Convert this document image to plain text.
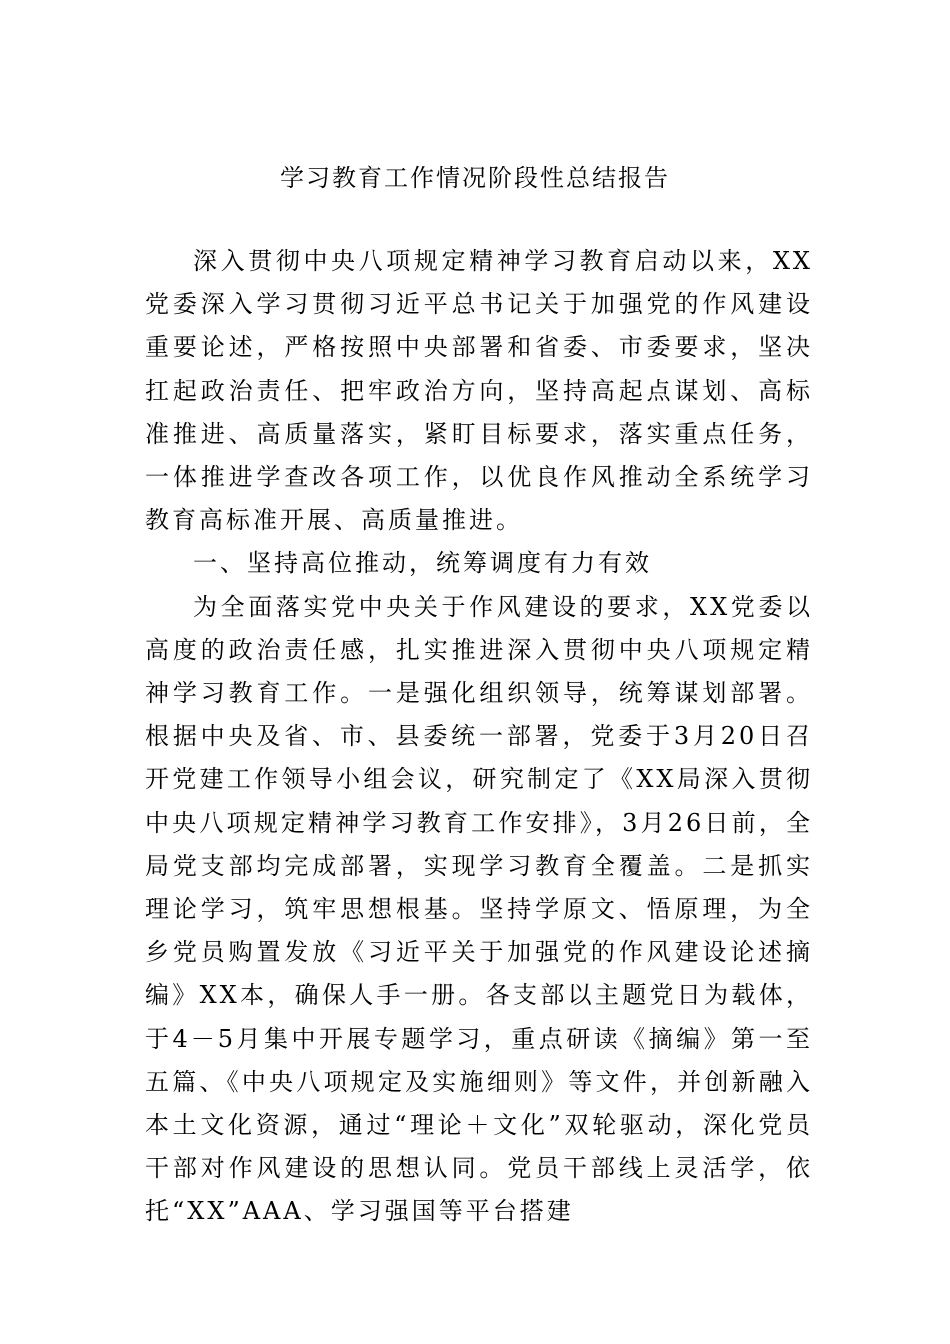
学习教育工作情况阶段性总结报告

深入贯彻中央八项规定精神学习教育启动以来，XX党委深入学习贯彻习近平总书记关于加强党的作风建设重要论述，严格按照中央部署和省委、市委要求，坚决扛起政治责任、把牢政治方向，坚持高起点谋划、高标准推进、高质量落实，紧盯目标要求，落实重点任务，一体推进学查改各项工作，以优良作风推动全系统学习教育高标准开展、高质量推进。

一、坚持高位推动，统筹调度有力有效

为全面落实党中央关于作风建设的要求，XX党委以高度的政治责任感，扎实推进深入贯彻中央八项规定精神学习教育工作。一是强化组织领导，统筹谋划部署。根据中央及省、市、县委统一部署，党委于3月20日召开党建工作领导小组会议，研究制定了《XX局深入贯彻中央八项规定精神学习教育工作安排》，3月26日前，全局党支部均完成部署，实现学习教育全覆盖。二是抓实理论学习，筑牢思想根基。坚持学原文、悟原理，为全乡党员购置发放《习近平关于加强党的作风建设论述摘编》XX本，确保人手一册。各支部以主题党日为载体，于4－5月集中开展专题学习，重点研读《摘编》第一至五篇、《中央八项规定及实施细则》等文件，并创新融入本土文化资源，通过“理论＋文化”双轮驱动，深化党员干部对作风建设的思想认同。党员干部线上灵活学，依托“XX”AAA、学习强国等平台搭建
